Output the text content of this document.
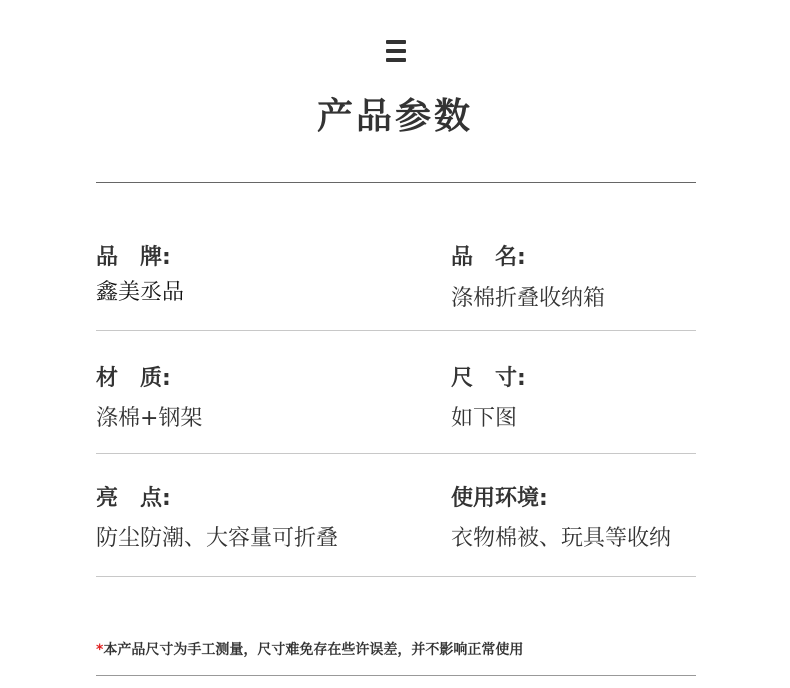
产品参数
品　牌:
鑫美丞品
品　名:
涤棉折叠收纳箱
材　质:
涤棉+钢架
尺　寸:
如下图
亮　点:
防尘防潮、大容量可折叠
使用环境:
衣物棉被、玩具等收纳
*本产品尺寸为手工测量，尺寸难免存在些许误差，并不影响正常使用
